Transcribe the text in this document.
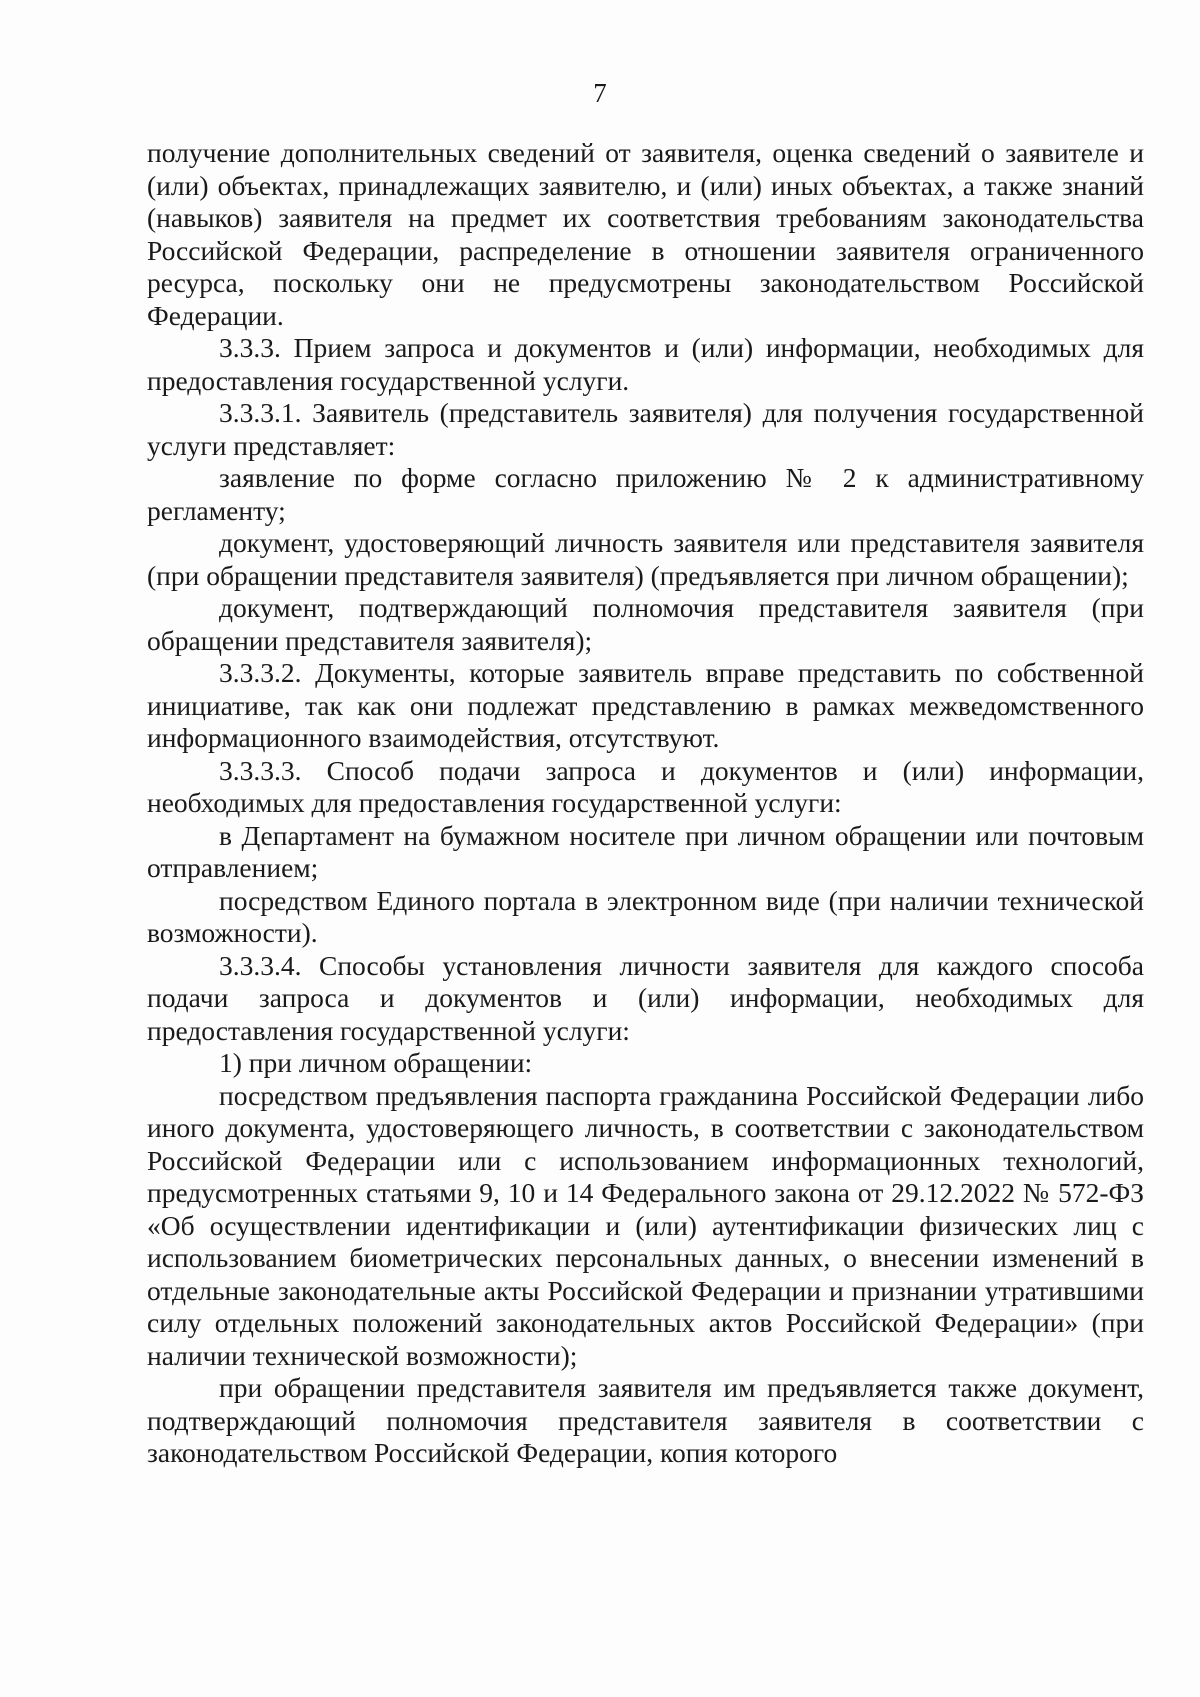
7

получение дополнительных сведений от заявителя, оценка сведений о заявителе и (или) объектах, принадлежащих заявителю, и (или) иных объектах, а также знаний (навыков) заявителя на предмет их соответствия требованиям законодательства Российской Федерации, распределение в отношении заявителя ограниченного ресурса, поскольку они не предусмотрены законодательством Российской Федерации.

3.3.3. Прием запроса и документов и (или) информации, необходимых для предоставления государственной услуги.

3.3.3.1. Заявитель (представитель заявителя) для получения государственной услуги представляет:

заявление по форме согласно приложению № 2 к административному регламенту;

документ, удостоверяющий личность заявителя или представителя заявителя (при обращении представителя заявителя) (предъявляется при личном обращении);

документ, подтверждающий полномочия представителя заявителя (при обращении представителя заявителя);

3.3.3.2. Документы, которые заявитель вправе представить по собственной инициативе, так как они подлежат представлению в рамках межведомственного информационного взаимодействия, отсутствуют.

3.3.3.3. Способ подачи запроса и документов и (или) информации, необходимых для предоставления государственной услуги:

в Департамент на бумажном носителе при личном обращении или почтовым отправлением;

посредством Единого портала в электронном виде (при наличии технической возможности).

3.3.3.4. Способы установления личности заявителя для каждого способа подачи запроса и документов и (или) информации, необходимых для предоставления государственной услуги:

1) при личном обращении:

посредством предъявления паспорта гражданина Российской Федерации либо иного документа, удостоверяющего личность, в соответствии с законодательством Российской Федерации или с использованием информационных технологий, предусмотренных статьями 9, 10 и 14 Федерального закона от 29.12.2022 № 572-ФЗ «Об осуществлении идентификации и (или) аутентификации физических лиц с использованием биометрических персональных данных, о внесении изменений в отдельные законодательные акты Российской Федерации и признании утратившими силу отдельных положений законодательных актов Российской Федерации» (при наличии технической возможности);

при обращении представителя заявителя им предъявляется также документ, подтверждающий полномочия представителя заявителя в соответствии с законодательством Российской Федерации, копия которого
